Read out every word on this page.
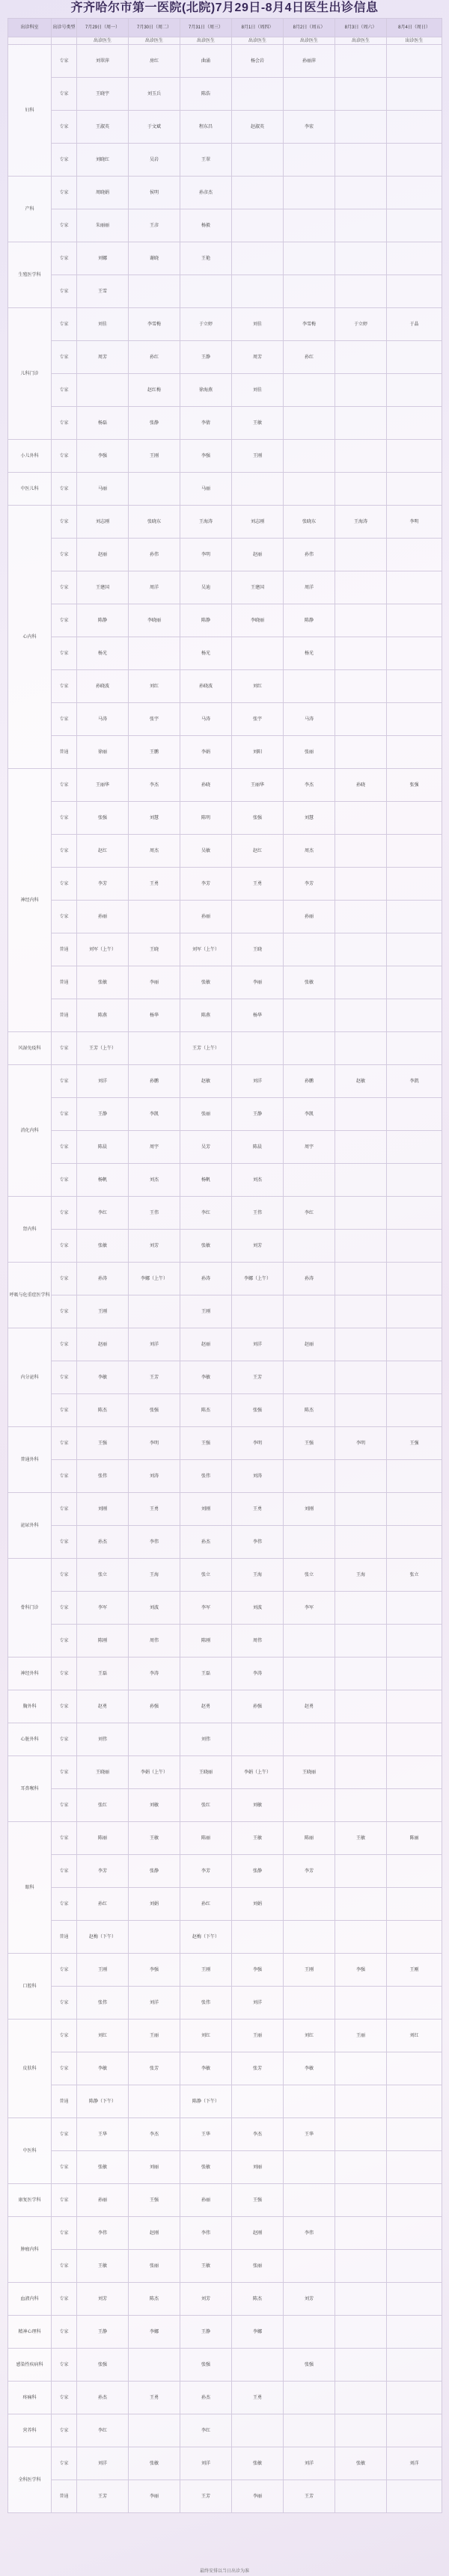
齐齐哈尔市第一医院(北院)7月29日-8月4日医生出诊信息
出诊科室	出诊号类型	7月29日（周一）	7月30日（周二）	7月31日（周三）	8月1日（周四）	8月2日（周五）	8月3日（周六）	8月4日（周日）
		出诊医生	出诊医生	出诊医生	出诊医生	出诊医生	出诊医生	出诊医生
妇科	专家	刘翠萍	房红	曲涌	杨会岩	孙丽萍		
	专家	王晓宇	刘玉兵	陈浩				
	专家	王淑英	于文斌	程东昌	赵淑英	李宏		
	专家	刘晓红	吴岩	王翠				
产科	专家	周晓娟	侯明	孙彦杰				
	专家	朱丽丽	王彦	杨毅				
生殖医学科	专家	刘娜	谢晓	王艳				
	专家	王雪						
儿科门诊	专家	刘佳	李雪梅	于立婷	刘佳	李雪梅	于立婷	于晶
	专家	周芳	孙红	王静	周芳	孙红		
	专家		赵红梅	徐海燕	刘佳			
	专家	杨磊	张静	李倩	王敏			
小儿外科	专家	李强	王刚	李强	王刚			
中医儿科	专家	马丽		马丽				
心内科	专家	刘志刚	张晓东	王海涛	刘志刚	张晓东	王海涛	李明
	专家	赵丽	孙伟	李明	赵丽	孙伟		
	专家	王建国	周洋	吴迪	王建国	周洋		
	专家	陈静	李晓丽	陈静	李晓丽	陈静		
	专家	杨光		杨光		杨光		
	专家	孙晓波	刘红	孙晓波	刘红			
	专家	马涛	张宇	马涛	张宇	马涛		
	普通	徐丽	王鹏	李娟	刘阳	张丽		
神经内科	专家	王丽华	李杰	孙晓	王丽华	李杰	孙晓	张强
	专家	张强	刘慧	陈明	张强	刘慧		
	专家	赵红	周杰	吴敏	赵红	周杰		
	专家	李芳	王勇	李芳	王勇	李芳		
	专家	孙丽		孙丽		孙丽		
	普通	刘军（上午）	王晓	刘军（上午）	王晓			
	普通	张敏	李丽	张敏	李丽	张敏		
	普通	陈燕	杨华	陈燕	杨华			
风湿免疫科	专家	王芳（上午）		王芳（上午）				
消化内科	专家	刘洋	孙鹏	赵敏	刘洋	孙鹏	赵敏	李凯
	专家	王静	李凯	张丽	王静	李凯		
	专家	陈晨	周宇	吴芳	陈晨	周宇		
	专家	杨帆	刘杰	杨帆	刘杰			
肾内科	专家	李红	王伟	李红	王伟	李红		
	专家	张敏	刘芳	张敏	刘芳			
呼吸与危重症医学科	专家	孙涛	李娜（上午）	孙涛	李娜（上午）	孙涛		
	专家	王刚		王刚				
内分泌科	专家	赵丽	刘洋	赵丽	刘洋	赵丽		
	专家	李敏	王芳	李敏	王芳			
	专家	陈杰	张强	陈杰	张强	陈杰		
普通外科	专家	王强	李明	王强	李明	王强	李明	王强
	专家	张伟	刘涛	张伟	刘涛			
泌尿外科	专家	刘刚	王勇	刘刚	王勇	刘刚		
	专家	孙杰	李伟	孙杰	李伟			
骨科门诊	专家	张立	王海	张立	王海	张立	王海	张立
	专家	李军	刘波	李军	刘波	李军		
	专家	陈刚	周伟	陈刚	周伟			
神经外科	专家	王磊	李涛	王磊	李涛			
胸外科	专家	赵勇	孙强	赵勇	孙强	赵勇		
心脏外科	专家	刘伟		刘伟				
耳鼻喉科	专家	王晓丽	李娟（上午）	王晓丽	李娟（上午）	王晓丽		
	专家	张红	刘敏	张红	刘敏			
眼科	专家	陈丽	王敏	陈丽	王敏	陈丽	王敏	陈丽
	专家	李芳	张静	李芳	张静	李芳		
	专家	孙红	刘娟	孙红	刘娟			
	普通	赵梅（下午）		赵梅（下午）				
口腔科	专家	王刚	李强	王刚	李强	王刚	李强	王刚
	专家	张伟	刘洋	张伟	刘洋			
皮肤科	专家	刘红	王丽	刘红	王丽	刘红	王丽	刘红
	专家	李敏	张芳	李敏	张芳	李敏		
	普通	陈静（下午）		陈静（下午）				
中医科	专家	王华	李杰	王华	李杰	王华		
	专家	张敏	刘丽	张敏	刘丽			
康复医学科	专家	孙丽	王强	孙丽	王强			
肿瘤内科	专家	李伟	赵刚	李伟	赵刚	李伟		
	专家	王敏	张丽	王敏	张丽			
血液内科	专家	刘芳	陈杰	刘芳	陈杰	刘芳		
精神心理科	专家	王静	李娜	王静	李娜			
感染性疾病科	专家	张强		张强		张强		
疼痛科	专家	孙杰	王勇	孙杰	王勇			
营养科	专家	李红		李红				
全科医学科	专家	刘洋	张敏	刘洋	张敏	刘洋	张敏	刘洋
	普通	王芳	李丽	王芳	李丽	王芳		
最终安排以当日出诊为准
